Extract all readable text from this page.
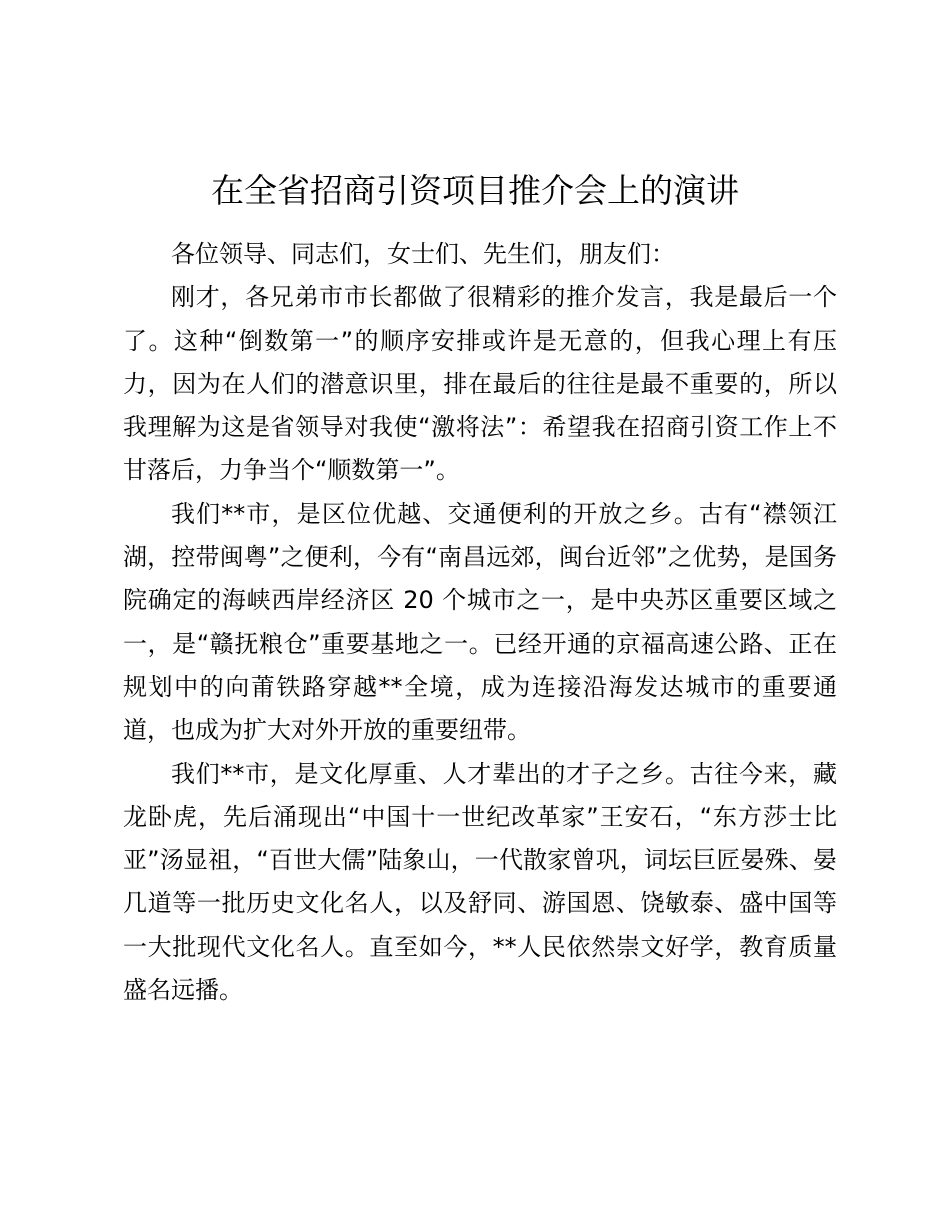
在全省招商引资项目推介会上的演讲

各位领导、同志们，女士们、先生们，朋友们：

刚才，各兄弟市市长都做了很精彩的推介发言，我是最后一个了。这种“倒数第一”的顺序安排或许是无意的，但我心理上有压力，因为在人们的潜意识里，排在最后的往往是最不重要的，所以我理解为这是省领导对我使“激将法”：希望我在招商引资工作上不甘落后，力争当个“顺数第一”。

我们**市，是区位优越、交通便利的开放之乡。古有“襟领江湖，控带闽粤”之便利，今有“南昌远郊，闽台近邻”之优势，是国务院确定的海峡西岸经济区 20 个城市之一，是中央苏区重要区域之一，是“赣抚粮仓”重要基地之一。已经开通的京福高速公路、正在规划中的向莆铁路穿越**全境，成为连接沿海发达城市的重要通道，也成为扩大对外开放的重要纽带。

我们**市，是文化厚重、人才辈出的才子之乡。古往今来，藏龙卧虎，先后涌现出“中国十一世纪改革家”王安石，“东方莎士比亚”汤显祖，“百世大儒”陆象山，一代散家曾巩，词坛巨匠晏殊、晏几道等一批历史文化名人，以及舒同、游国恩、饶敏泰、盛中国等一大批现代文化名人。直至如今，**人民依然崇文好学，教育质量盛名远播。
